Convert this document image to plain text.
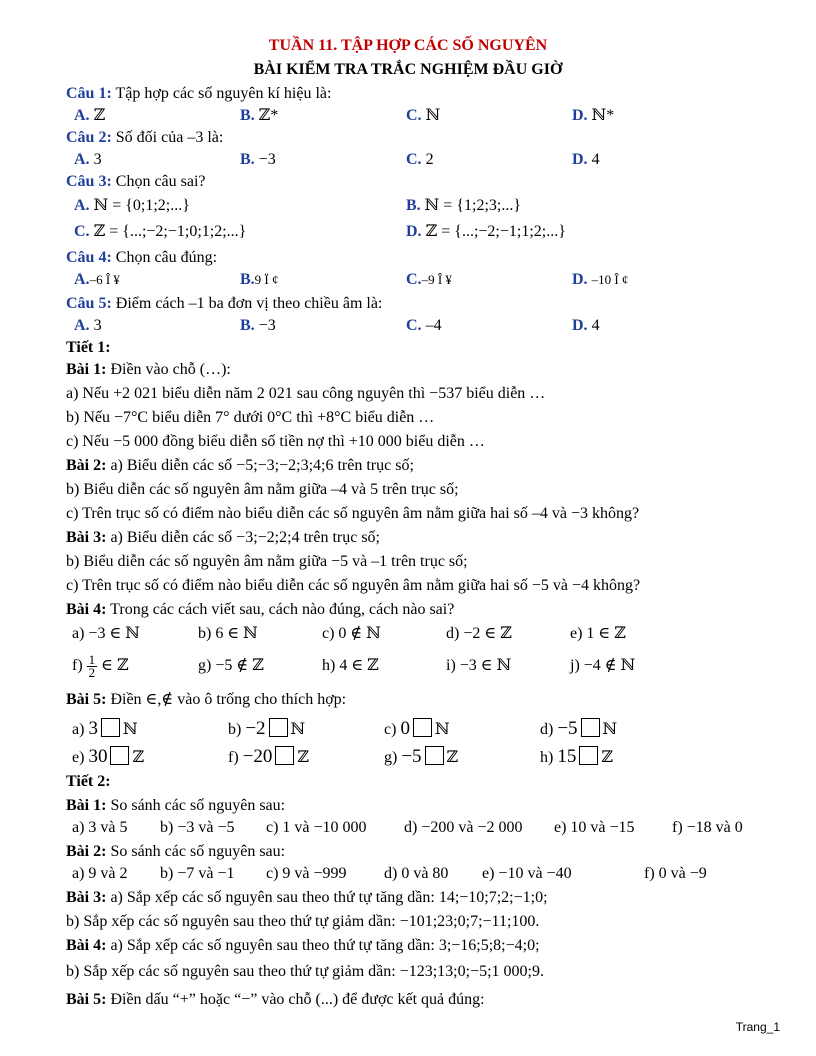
TUẦN 11. TẬP HỢP CÁC SỐ NGUYÊN
BÀI KIỂM TRA TRẮC NGHIỆM ĐẦU GIỜ
Câu 1: Tập hợp các số nguyên kí hiệu là:
A. ℤ	B. ℤ*	C. ℕ	D. ℕ*
Câu 2: Số đối của –3 là:
A. 3	B. −3	C. 2	D. 4
Câu 3: Chọn câu sai?
A. ℕ = {0;1;2;...}	B. ℕ = {1;2;3;...}
C. ℤ = {...;−2;−1;0;1;2;...}	D. ℤ = {...;−2;−1;1;2;...}
Câu 4: Chọn câu đúng:
A.–6 Î ¥	B.9 Ï ¢	C.–9 Î ¥	D. –10 Î ¢
Câu 5: Điểm cách –1 ba đơn vị theo chiều âm là:
A. 3	B. −3	C. –4	D. 4
Tiết 1:
Bài 1: Điền vào chỗ (…):
a) Nếu +2 021 biểu diễn năm 2 021 sau công nguyên thì −537 biểu diễn …
b) Nếu −7°C biểu diễn 7° dưới 0°C thì +8°C biểu diễn …
c) Nếu −5 000 đồng biểu diễn số tiền nợ thì +10 000 biểu diễn …
Bài 2: a) Biểu diễn các số −5;−3;−2;3;4;6 trên trục số;
b) Biểu diễn các số nguyên âm nằm giữa –4 và 5 trên trục số;
c) Trên trục số có điểm nào biểu diễn các số nguyên âm nằm giữa hai số –4 và −3 không?
Bài 3: a) Biểu diễn các số −3;−2;2;4 trên trục số;
b) Biểu diễn các số nguyên âm nằm giữa −5 và –1 trên trục số;
c) Trên trục số có điểm nào biểu diễn các số nguyên âm nằm giữa hai số −5 và −4 không?
Bài 4: Trong các cách viết sau, cách nào đúng, cách nào sai?
a) −3 ∈ ℕ	b) 6 ∈ ℕ	c) 0 ∉ ℕ	d) −2 ∈ ℤ	e) 1 ∈ ℤ
$f) \frac{1}{2}$ ∈ ℤ	g) −5 ∉ ℤ	h) 4 ∈ ℤ	i) −3 ∈ ℕ	j) −4 ∉ ℕ
Bài 5: Điền ∈,∉ vào ô trống cho thích hợp:
a) 3 ℕ	b) −2 ℕ	c) 0 ℕ	d) −5 ℕ
e) 30 ℤ	f) −20 ℤ	g) −5 ℤ	h) 15 ℤ
Tiết 2:
Bài 1: So sánh các số nguyên sau:
a) 3 và 5 b) −3 và −5 c) 1 và −10 000 d) −200 và −2 000 e) 10 và −15 f) −18 và 0
Bài 2: So sánh các số nguyên sau:
a) 9 và 2 b) −7 và −1 c) 9 và −999 d) 0 và 80 e) −10 và −40	f) 0 và −9
Bài 3: a) Sắp xếp các số nguyên sau theo thứ tự tăng dần: 14;−10;7;2;−1;0;
b) Sắp xếp các số nguyên sau theo thứ tự giảm dần: −101;23;0;7;−11;100.
Bài 4: a) Sắp xếp các số nguyên sau theo thứ tự tăng dần: 3;−16;5;8;−4;0;
b) Sắp xếp các số nguyên sau theo thứ tự giảm dần: −123;13;0;−5;1 000;9.
Bài 5: Điền dấu “+” hoặc “−” vào chỗ (...) để được kết quả đúng:
Trang_1
